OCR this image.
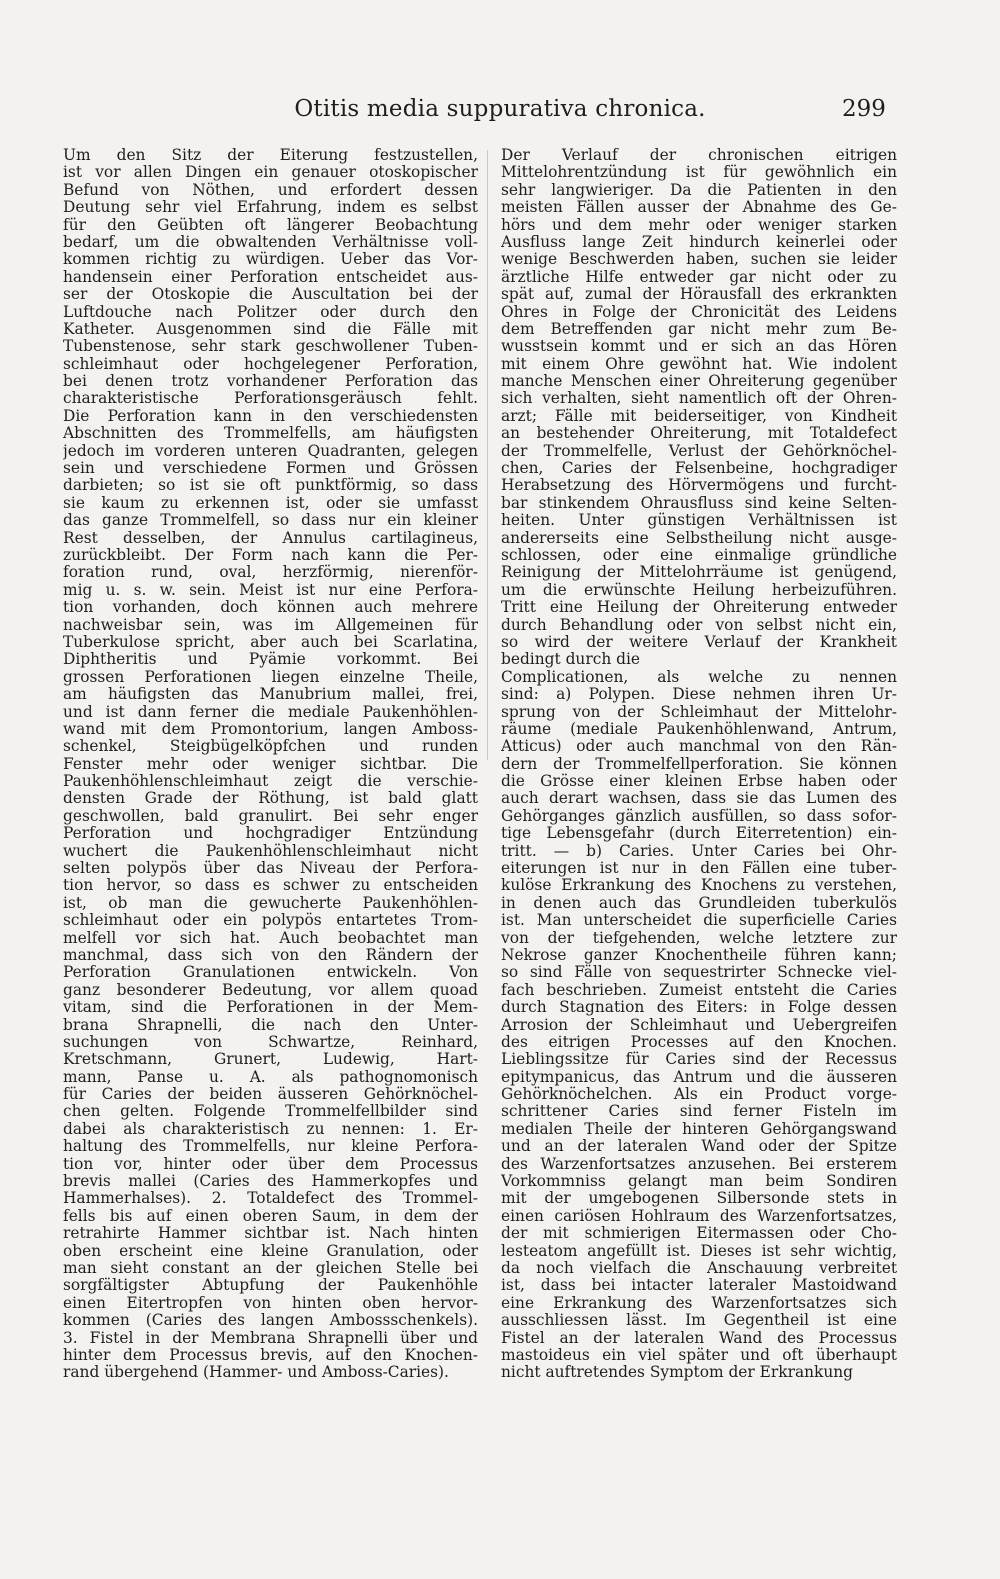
Otitis media suppurativa chronica.	299
Um den Sitz der Eiterung festzustellen,
ist vor allen Dingen ein genauer otoskopischer
Befund von Nöthen, und erfordert dessen
Deutung sehr viel Erfahrung, indem es selbst
für den Geübten oft längerer Beobachtung
bedarf, um die obwaltenden Verhältnisse voll-
kommen richtig zu würdigen. Ueber das Vor-
handensein einer Perforation entscheidet aus-
ser der Otoskopie die Auscultation bei der
Luftdouche nach Politzer oder durch den
Katheter. Ausgenommen sind die Fälle mit
Tubenstenose, sehr stark geschwollener Tuben-
schleimhaut oder hochgelegener Perforation,
bei denen trotz vorhandener Perforation das
charakteristische Perforationsgeräusch fehlt.
Die Perforation kann in den verschiedensten
Abschnitten des Trommelfells, am häufigsten
jedoch im vorderen unteren Quadranten, gelegen
sein und verschiedene Formen und Grössen
darbieten; so ist sie oft punktförmig, so dass
sie kaum zu erkennen ist, oder sie umfasst
das ganze Trommelfell, so dass nur ein kleiner
Rest desselben, der Annulus cartilagineus,
zurückbleibt. Der Form nach kann die Per-
foration rund, oval, herzförmig, nierenför-
mig u. s. w. sein. Meist ist nur eine Perfora-
tion vorhanden, doch können auch mehrere
nachweisbar sein, was im Allgemeinen für
Tuberkulose spricht, aber auch bei Scarlatina,
Diphtheritis und Pyämie vorkommt. Bei
grossen Perforationen liegen einzelne Theile,
am häufigsten das Manubrium mallei, frei,
und ist dann ferner die mediale Paukenhöhlen-
wand mit dem Promontorium, langen Amboss-
schenkel, Steigbügelköpfchen und runden
Fenster mehr oder weniger sichtbar. Die
Paukenhöhlenschleimhaut zeigt die verschie-
densten Grade der Röthung, ist bald glatt
geschwollen, bald granulirt. Bei sehr enger
Perforation und hochgradiger Entzündung
wuchert die Paukenhöhlenschleimhaut nicht
selten polypös über das Niveau der Perfora-
tion hervor, so dass es schwer zu entscheiden
ist, ob man die gewucherte Paukenhöhlen-
schleimhaut oder ein polypös entartetes Trom-
melfell vor sich hat. Auch beobachtet man
manchmal, dass sich von den Rändern der
Perforation Granulationen entwickeln. Von
ganz besonderer Bedeutung, vor allem quoad
vitam, sind die Perforationen in der Mem-
brana Shrapnelli, die nach den Unter-
suchungen von Schwartze, Reinhard,
Kretschmann, Grunert, Ludewig, Hart-
mann, Panse u. A. als pathognomonisch
für Caries der beiden äusseren Gehörknöchel-
chen gelten. Folgende Trommelfellbilder sind
dabei als charakteristisch zu nennen: 1. Er-
haltung des Trommelfells, nur kleine Perfora-
tion vor, hinter oder über dem Processus
brevis mallei (Caries des Hammerkopfes und
Hammerhalses). 2. Totaldefect des Trommel-
fells bis auf einen oberen Saum, in dem der
retrahirte Hammer sichtbar ist. Nach hinten
oben erscheint eine kleine Granulation, oder
man sieht constant an der gleichen Stelle bei
sorgfältigster Abtupfung der Paukenhöhle
einen Eitertropfen von hinten oben hervor-
kommen (Caries des langen Ambossschenkels).
3. Fistel in der Membrana Shrapnelli über und
hinter dem Processus brevis, auf den Knochen-
rand übergehend (Hammer- und Amboss-Caries).
Der Verlauf der chronischen eitrigen
Mittelohrentzündung ist für gewöhnlich ein
sehr langwieriger. Da die Patienten in den
meisten Fällen ausser der Abnahme des Ge-
hörs und dem mehr oder weniger starken
Ausfluss lange Zeit hindurch keinerlei oder
wenige Beschwerden haben, suchen sie leider
ärztliche Hilfe entweder gar nicht oder zu
spät auf, zumal der Hörausfall des erkrankten
Ohres in Folge der Chronicität des Leidens
dem Betreffenden gar nicht mehr zum Be-
wusstsein kommt und er sich an das Hören
mit einem Ohre gewöhnt hat. Wie indolent
manche Menschen einer Ohreiterung gegenüber
sich verhalten, sieht namentlich oft der Ohren-
arzt; Fälle mit beiderseitiger, von Kindheit
an bestehender Ohreiterung, mit Totaldefect
der Trommelfelle, Verlust der Gehörknöchel-
chen, Caries der Felsenbeine, hochgradiger
Herabsetzung des Hörvermögens und furcht-
bar stinkendem Ohrausfluss sind keine Selten-
heiten. Unter günstigen Verhältnissen ist
andererseits eine Selbstheilung nicht ausge-
schlossen, oder eine einmalige gründliche
Reinigung der Mittelohrräume ist genügend,
um die erwünschte Heilung herbeizuführen.
Tritt eine Heilung der Ohreiterung entweder
durch Behandlung oder von selbst nicht ein,
so wird der weitere Verlauf der Krankheit
bedingt durch die
Complicationen, als welche zu nennen
sind: a) Polypen. Diese nehmen ihren Ur-
sprung von der Schleimhaut der Mittelohr-
räume (mediale Paukenhöhlenwand, Antrum,
Atticus) oder auch manchmal von den Rän-
dern der Trommelfellperforation. Sie können
die Grösse einer kleinen Erbse haben oder
auch derart wachsen, dass sie das Lumen des
Gehörganges gänzlich ausfüllen, so dass sofor-
tige Lebensgefahr (durch Eiterretention) ein-
tritt. — b) Caries. Unter Caries bei Ohr-
eiterungen ist nur in den Fällen eine tuber-
kulöse Erkrankung des Knochens zu verstehen,
in denen auch das Grundleiden tuberkulös
ist. Man unterscheidet die superficielle Caries
von der tiefgehenden, welche letztere zur
Nekrose ganzer Knochentheile führen kann;
so sind Fälle von sequestrirter Schnecke viel-
fach beschrieben. Zumeist entsteht die Caries
durch Stagnation des Eiters: in Folge dessen
Arrosion der Schleimhaut und Uebergreifen
des eitrigen Processes auf den Knochen.
Lieblingssitze für Caries sind der Recessus
epitympanicus, das Antrum und die äusseren
Gehörknöchelchen. Als ein Product vorge-
schrittener Caries sind ferner Fisteln im
medialen Theile der hinteren Gehörgangswand
und an der lateralen Wand oder der Spitze
des Warzenfortsatzes anzusehen. Bei ersterem
Vorkommniss gelangt man beim Sondiren
mit der umgebogenen Silbersonde stets in
einen cariösen Hohlraum des Warzenfortsatzes,
der mit schmierigen Eitermassen oder Cho-
lesteatom angefüllt ist. Dieses ist sehr wichtig,
da noch vielfach die Anschauung verbreitet
ist, dass bei intacter lateraler Mastoidwand
eine Erkrankung des Warzenfortsatzes sich
ausschliessen lässt. Im Gegentheil ist eine
Fistel an der lateralen Wand des Processus
mastoideus ein viel später und oft überhaupt
nicht auftretendes Symptom der Erkrankung
